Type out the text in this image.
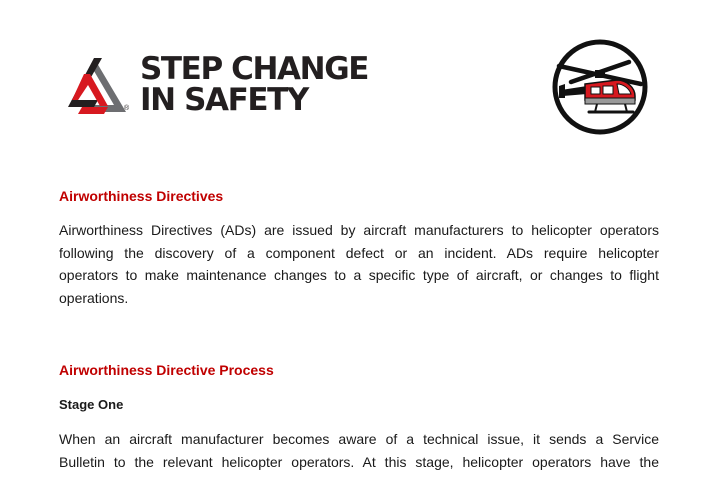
®
STEP CHANGE
IN SAFETY
Airworthiness Directives

Airworthiness Directives (ADs) are issued by aircraft manufacturers to helicopter operators
following the discovery of a component defect or an incident. ADs require helicopter
operators to make maintenance changes to a specific type of aircraft, or changes to flight
operations.

Airworthiness Directive Process
Stage One

When an aircraft manufacturer becomes aware of a technical issue, it sends a Service
Bulletin to the relevant helicopter operators. At this stage, helicopter operators have the
